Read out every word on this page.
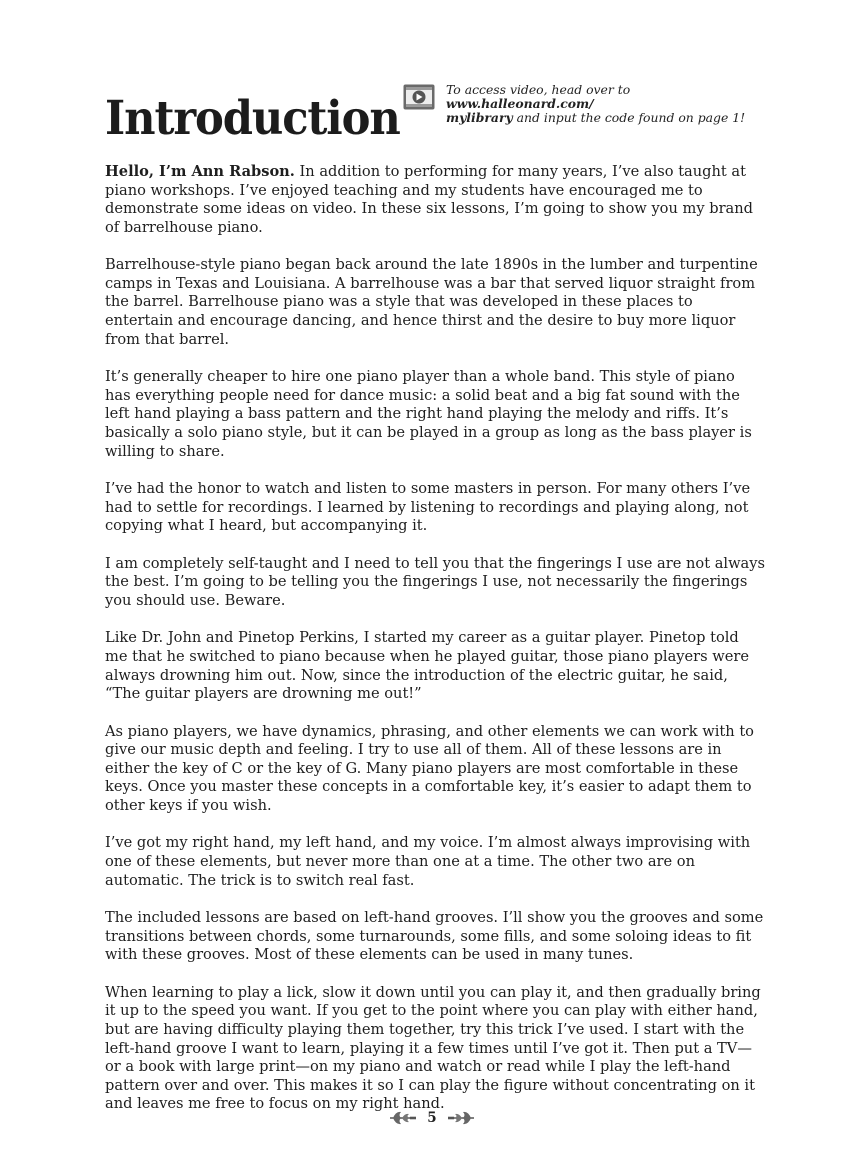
Introduction
To access video, head over to www.halleonard.com/
mylibrary and input the code found on page 1!

Hello, I’m Ann Rabson. In addition to performing for many years, I’ve also taught at piano workshops. I’ve enjoyed teaching and my students have encouraged me to demonstrate some ideas on video. In these six lessons, I’m going to show you my brand of barrelhouse piano.

Barrelhouse-style piano began back around the late 1890s in the lumber and turpentine camps in Texas and Louisiana. A barrelhouse was a bar that served liquor straight from the barrel. Barrelhouse piano was a style that was developed in these places to entertain and encourage dancing, and hence thirst and the desire to buy more liquor from that barrel.

It’s generally cheaper to hire one piano player than a whole band. This style of piano has everything people need for dance music: a solid beat and a big fat sound with the left hand playing a bass pattern and the right hand playing the melody and riffs. It’s basically a solo piano style, but it can be played in a group as long as the bass player is willing to share.

I’ve had the honor to watch and listen to some masters in person. For many others I’ve had to settle for recordings. I learned by listening to recordings and playing along, not copying what I heard, but accompanying it.

I am completely self-taught and I need to tell you that the fingerings I use are not always the best. I’m going to be telling you the fingerings I use, not necessarily the fingerings you should use. Beware.

Like Dr. John and Pinetop Perkins, I started my career as a guitar player. Pinetop told me that he switched to piano because when he played guitar, those piano players were always drowning him out. Now, since the introduction of the electric guitar, he said, “The guitar players are drowning me out!”

As piano players, we have dynamics, phrasing, and other elements we can work with to give our music depth and feeling. I try to use all of them. All of these lessons are in either the key of C or the key of G. Many piano players are most comfortable in these keys. Once you master these concepts in a comfortable key, it’s easier to adapt them to other keys if you wish.

I’ve got my right hand, my left hand, and my voice. I’m almost always improvising with one of these elements, but never more than one at a time. The other two are on automatic. The trick is to switch real fast.

The included lessons are based on left-hand grooves. I’ll show you the grooves and some transitions between chords, some turnarounds, some fills, and some soloing ideas to fit with these grooves. Most of these elements can be used in many tunes.

When learning to play a lick, slow it down until you can play it, and then gradually bring it up to the speed you want. If you get to the point where you can play with either hand, but are having difficulty playing them together, try this trick I’ve used. I start with the left-hand groove I want to learn, playing it a few times until I’ve got it. Then put a TV—or a book with large print—on my piano and watch or read while I play the left-hand pattern over and over. This makes it so I can play the figure without concentrating on it and leaves me free to focus on my right hand.

5
